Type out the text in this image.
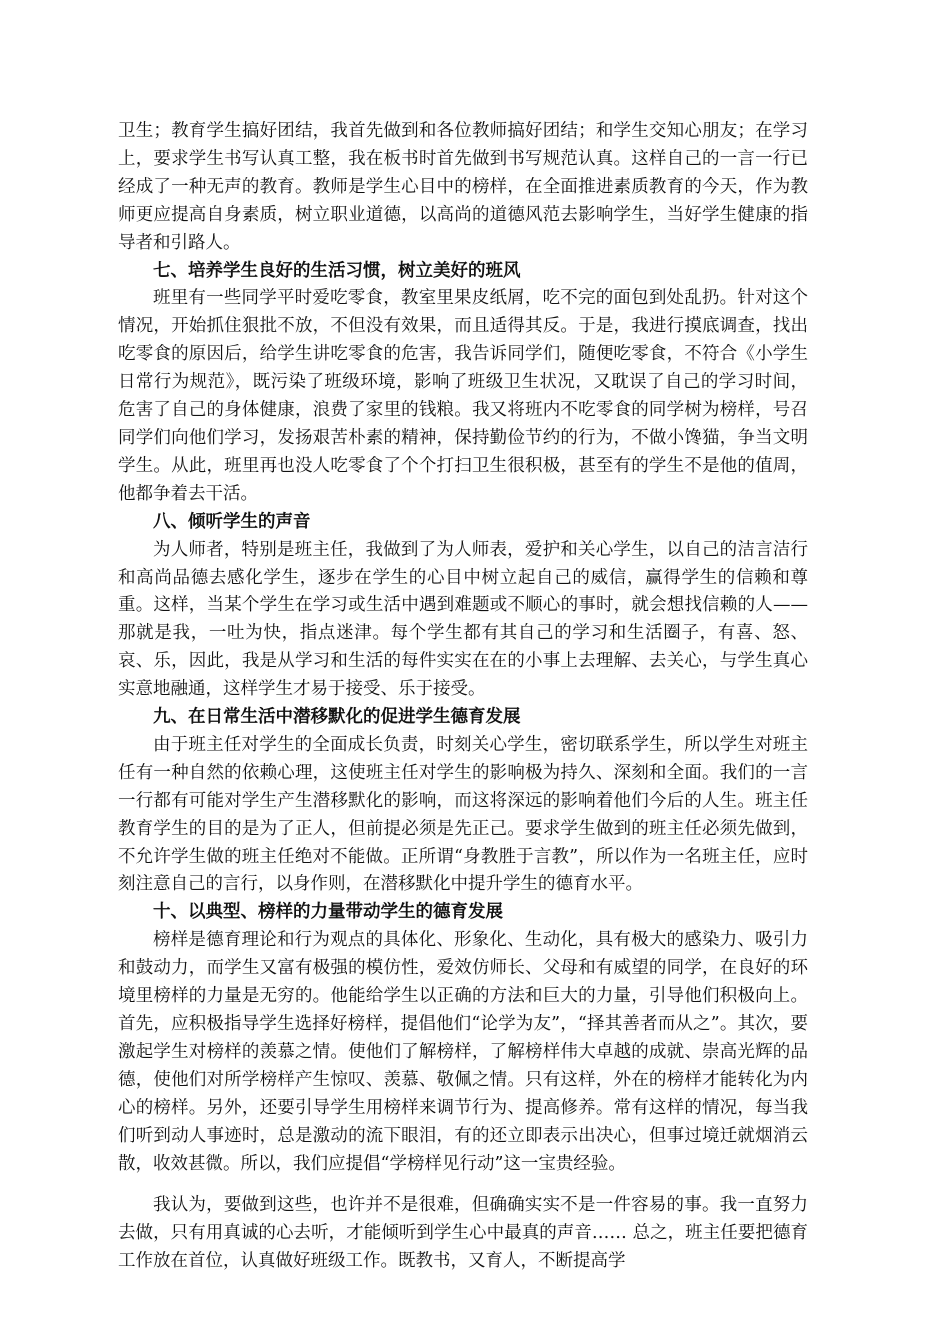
卫生；教育学生搞好团结，我首先做到和各位教师搞好团结；和学生交知心朋友；在学习上，要求学生书写认真工整，我在板书时首先做到书写规范认真。这样自己的一言一行已经成了一种无声的教育。教师是学生心目中的榜样，在全面推进素质教育的今天，作为教师更应提高自身素质，树立职业道德，以高尚的道德风范去影响学生，当好学生健康的指导者和引路人。

七、培养学生良好的生活习惯，树立美好的班风

班里有一些同学平时爱吃零食，教室里果皮纸屑，吃不完的面包到处乱扔。针对这个情况，开始抓住狠批不放，不但没有效果，而且适得其反。于是，我进行摸底调查，找出吃零食的原因后，给学生讲吃零食的危害，我告诉同学们，随便吃零食，不符合《小学生日常行为规范》，既污染了班级环境，影响了班级卫生状况，又耽误了自己的学习时间，危害了自己的身体健康，浪费了家里的钱粮。我又将班内不吃零食的同学树为榜样，号召同学们向他们学习，发扬艰苦朴素的精神，保持勤俭节约的行为，不做小馋猫，争当文明学生。从此，班里再也没人吃零食了个个打扫卫生很积极，甚至有的学生不是他的值周，他都争着去干活。

八、倾听学生的声音

为人师者，特别是班主任，我做到了为人师表，爱护和关心学生，以自己的洁言洁行和高尚品德去感化学生，逐步在学生的心目中树立起自己的威信，赢得学生的信赖和尊重。这样，当某个学生在学习或生活中遇到难题或不顺心的事时，就会想找信赖的人——那就是我，一吐为快，指点迷津。每个学生都有其自己的学习和生活圈子，有喜、怒、哀、乐，因此，我是从学习和生活的每件实实在在的小事上去理解、去关心，与学生真心实意地融通，这样学生才易于接受、乐于接受。

九、在日常生活中潜移默化的促进学生德育发展

由于班主任对学生的全面成长负责，时刻关心学生，密切联系学生，所以学生对班主任有一种自然的依赖心理，这使班主任对学生的影响极为持久、深刻和全面。我们的一言一行都有可能对学生产生潜移默化的影响，而这将深远的影响着他们今后的人生。班主任教育学生的目的是为了正人，但前提必须是先正己。要求学生做到的班主任必须先做到，不允许学生做的班主任绝对不能做。正所谓“身教胜于言教”，所以作为一名班主任，应时刻注意自己的言行，以身作则，在潜移默化中提升学生的德育水平。

十、以典型、榜样的力量带动学生的德育发展

榜样是德育理论和行为观点的具体化、形象化、生动化，具有极大的感染力、吸引力和鼓动力，而学生又富有极强的模仿性，爱效仿师长、父母和有威望的同学，在良好的环境里榜样的力量是无穷的。他能给学生以正确的方法和巨大的力量，引导他们积极向上。首先，应积极指导学生选择好榜样，提倡他们“论学为友”，“择其善者而从之”。其次，要激起学生对榜样的羡慕之情。使他们了解榜样，了解榜样伟大卓越的成就、崇高光辉的品德，使他们对所学榜样产生惊叹、羡慕、敬佩之情。只有这样，外在的榜样才能转化为内心的榜样。另外，还要引导学生用榜样来调节行为、提高修养。常有这样的情况，每当我们听到动人事迹时，总是激动的流下眼泪，有的还立即表示出决心，但事过境迁就烟消云散，收效甚微。所以，我们应提倡“学榜样见行动”这一宝贵经验。

我认为，要做到这些，也许并不是很难，但确确实实不是一件容易的事。我一直努力去做，只有用真诚的心去听，才能倾听到学生心中最真的声音…… 总之，班主任要把德育工作放在首位，认真做好班级工作。既教书，又育人，不断提高学
